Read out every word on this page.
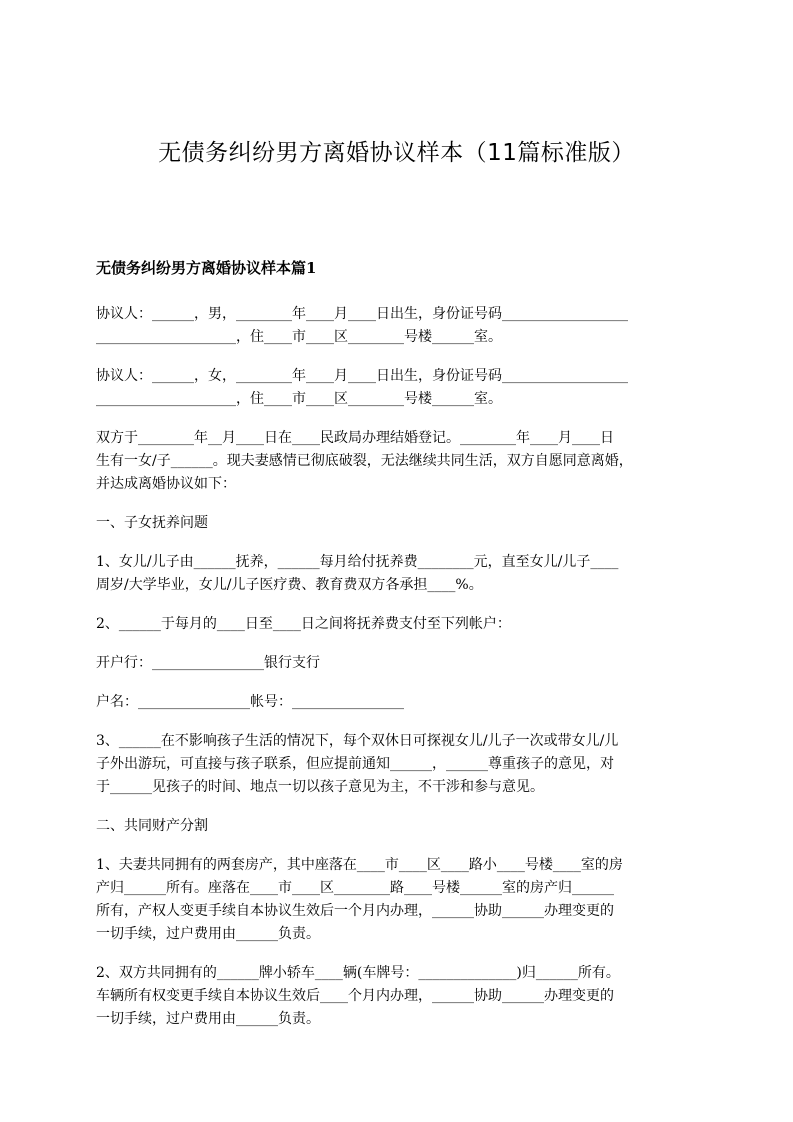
无债务纠纷男方离婚协议样本（11篇标准版）
无债务纠纷男方离婚协议样本篇1
协议人：______，男，________年____月____日出生，身份证号码__________________
____________________，住____市____区________号楼______室。
协议人：______，女，________年____月____日出生，身份证号码__________________
____________________，住____市____区________号楼______室。
双方于________年__月____日在____民政局办理结婚登记。________年____月____日
生有一女/子______。现夫妻感情已彻底破裂，无法继续共同生活，双方自愿同意离婚，
并达成离婚协议如下：
一、子女抚养问题
1、女儿/儿子由______抚养，______每月给付抚养费________元，直至女儿/儿子____
周岁/大学毕业，女儿/儿子医疗费、教育费双方各承担____%。
2、______于每月的____日至____日之间将抚养费支付至下列帐户：
开户行：________________银行支行
户名：________________帐号：________________
3、______在不影响孩子生活的情况下，每个双休日可探视女儿/儿子一次或带女儿/儿
子外出游玩，可直接与孩子联系，但应提前通知______，______尊重孩子的意见，对
于______见孩子的时间、地点一切以孩子意见为主，不干涉和参与意见。
二、共同财产分割
1、夫妻共同拥有的两套房产，其中座落在____市____区____路小____号楼____室的房
产归______所有。座落在____市____区________路____号楼______室的房产归______
所有，产权人变更手续自本协议生效后一个月内办理，______协助______办理变更的
一切手续，过户费用由______负责。
2、双方共同拥有的______牌小轿车____辆(车牌号：______________)归______所有。
车辆所有权变更手续自本协议生效后____个月内办理，______协助______办理变更的
一切手续，过户费用由______负责。
